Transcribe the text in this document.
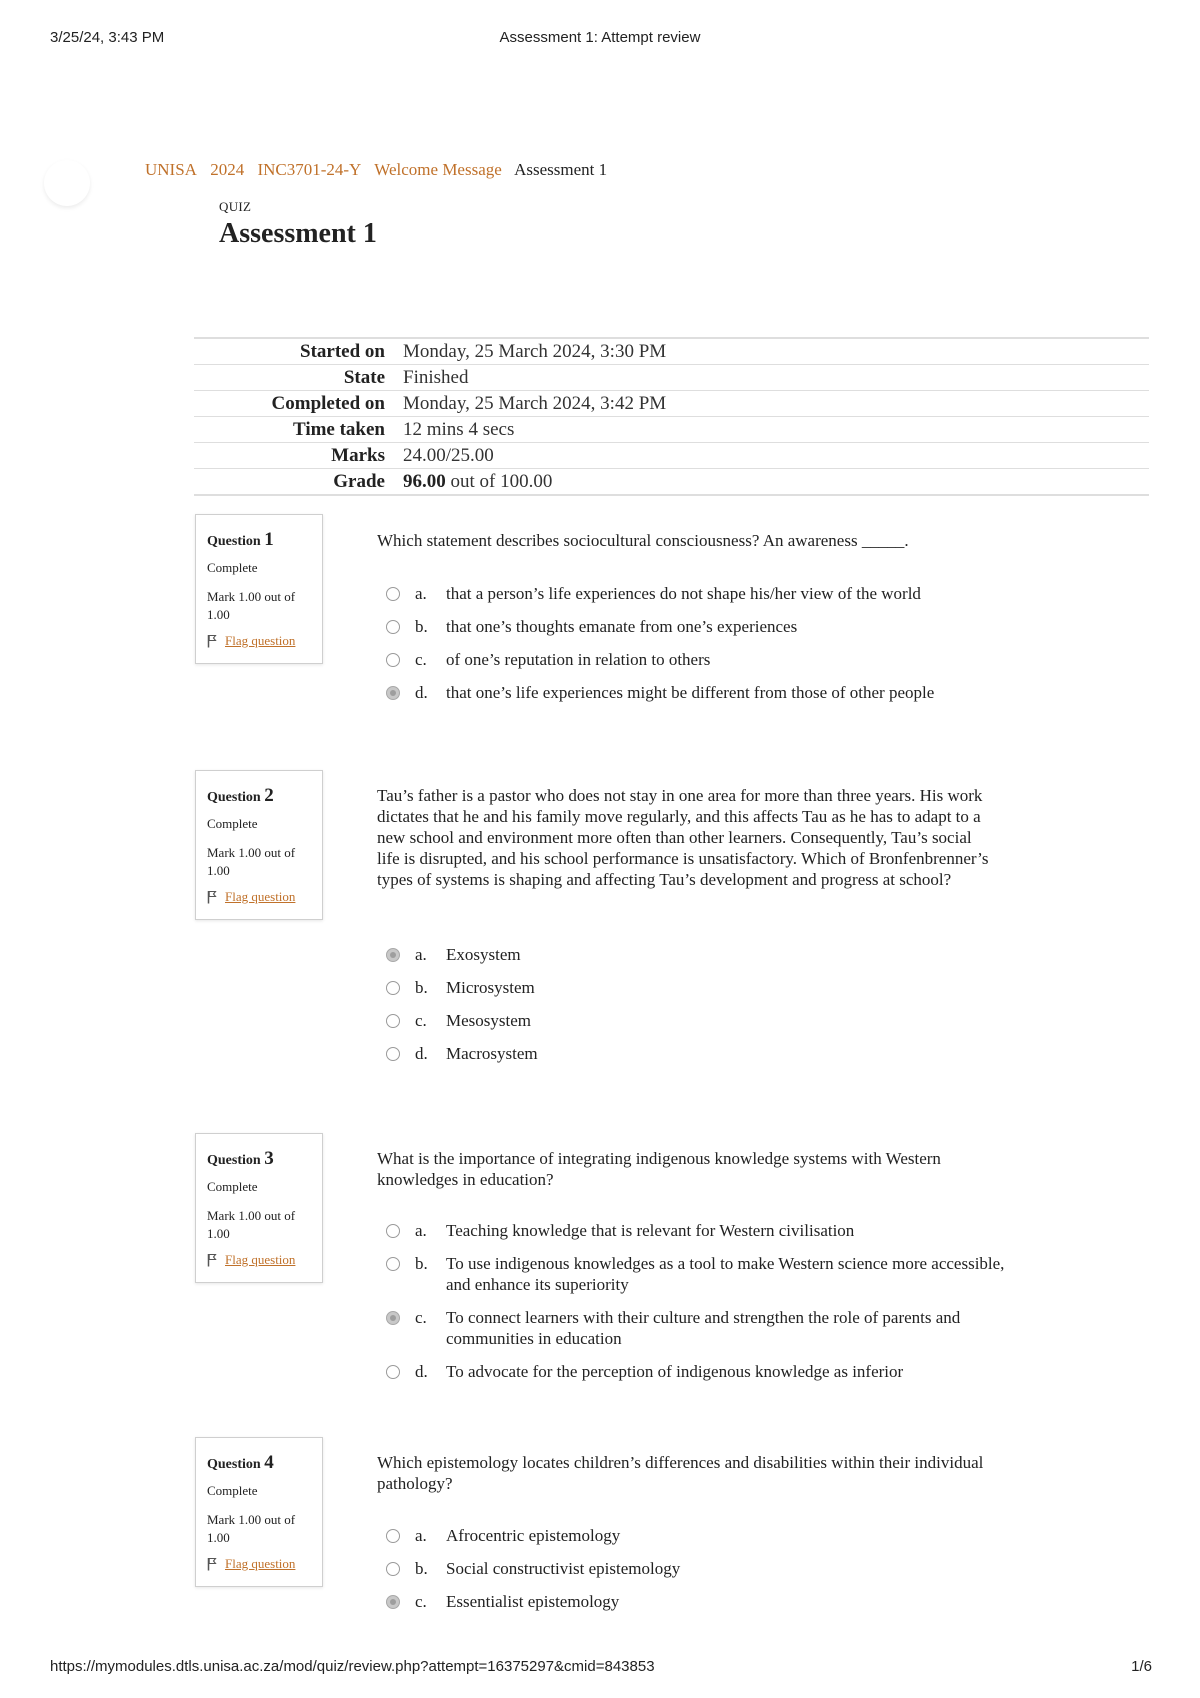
3/25/24, 3:43 PM	Assessment 1: Attempt review
UNISA 2024 INC3701-24-Y Welcome Message Assessment 1
QUIZ
Assessment 1
Started on	Monday, 25 March 2024, 3:30 PM
State	Finished
Completed on	Monday, 25 March 2024, 3:42 PM
Time taken	12 mins 4 secs
Marks	24.00/25.00
Grade	96.00 out of 100.00
Question 1
Complete
Mark 1.00 out of 1.00
Flag question
Which statement describes sociocultural consciousness? An awareness _____.
a. that a person’s life experiences do not shape his/her view of the world
b. that one’s thoughts emanate from one’s experiences
c. of one’s reputation in relation to others
d. that one’s life experiences might be different from those of other people
Question 2
Complete
Mark 1.00 out of 1.00
Flag question
Tau’s father is a pastor who does not stay in one area for more than three years. His work dictates that he and his family move regularly, and this affects Tau as he has to adapt to a new school and environment more often than other learners. Consequently, Tau’s social life is disrupted, and his school performance is unsatisfactory. Which of Bronfenbrenner’s types of systems is shaping and affecting Tau’s development and progress at school?
a. Exosystem
b. Microsystem
c. Mesosystem
d. Macrosystem
Question 3
Complete
Mark 1.00 out of 1.00
Flag question
What is the importance of integrating indigenous knowledge systems with Western knowledges in education?
a. Teaching knowledge that is relevant for Western civilisation
b. To use indigenous knowledges as a tool to make Western science more accessible, and enhance its superiority
c. To connect learners with their culture and strengthen the role of parents and communities in education
d. To advocate for the perception of indigenous knowledge as inferior
Question 4
Complete
Mark 1.00 out of 1.00
Flag question
Which epistemology locates children’s differences and disabilities within their individual pathology?
a. Afrocentric epistemology
b. Social constructivist epistemology
c. Essentialist epistemology
https://mymodules.dtls.unisa.ac.za/mod/quiz/review.php?attempt=16375297&cmid=843853	1/6
